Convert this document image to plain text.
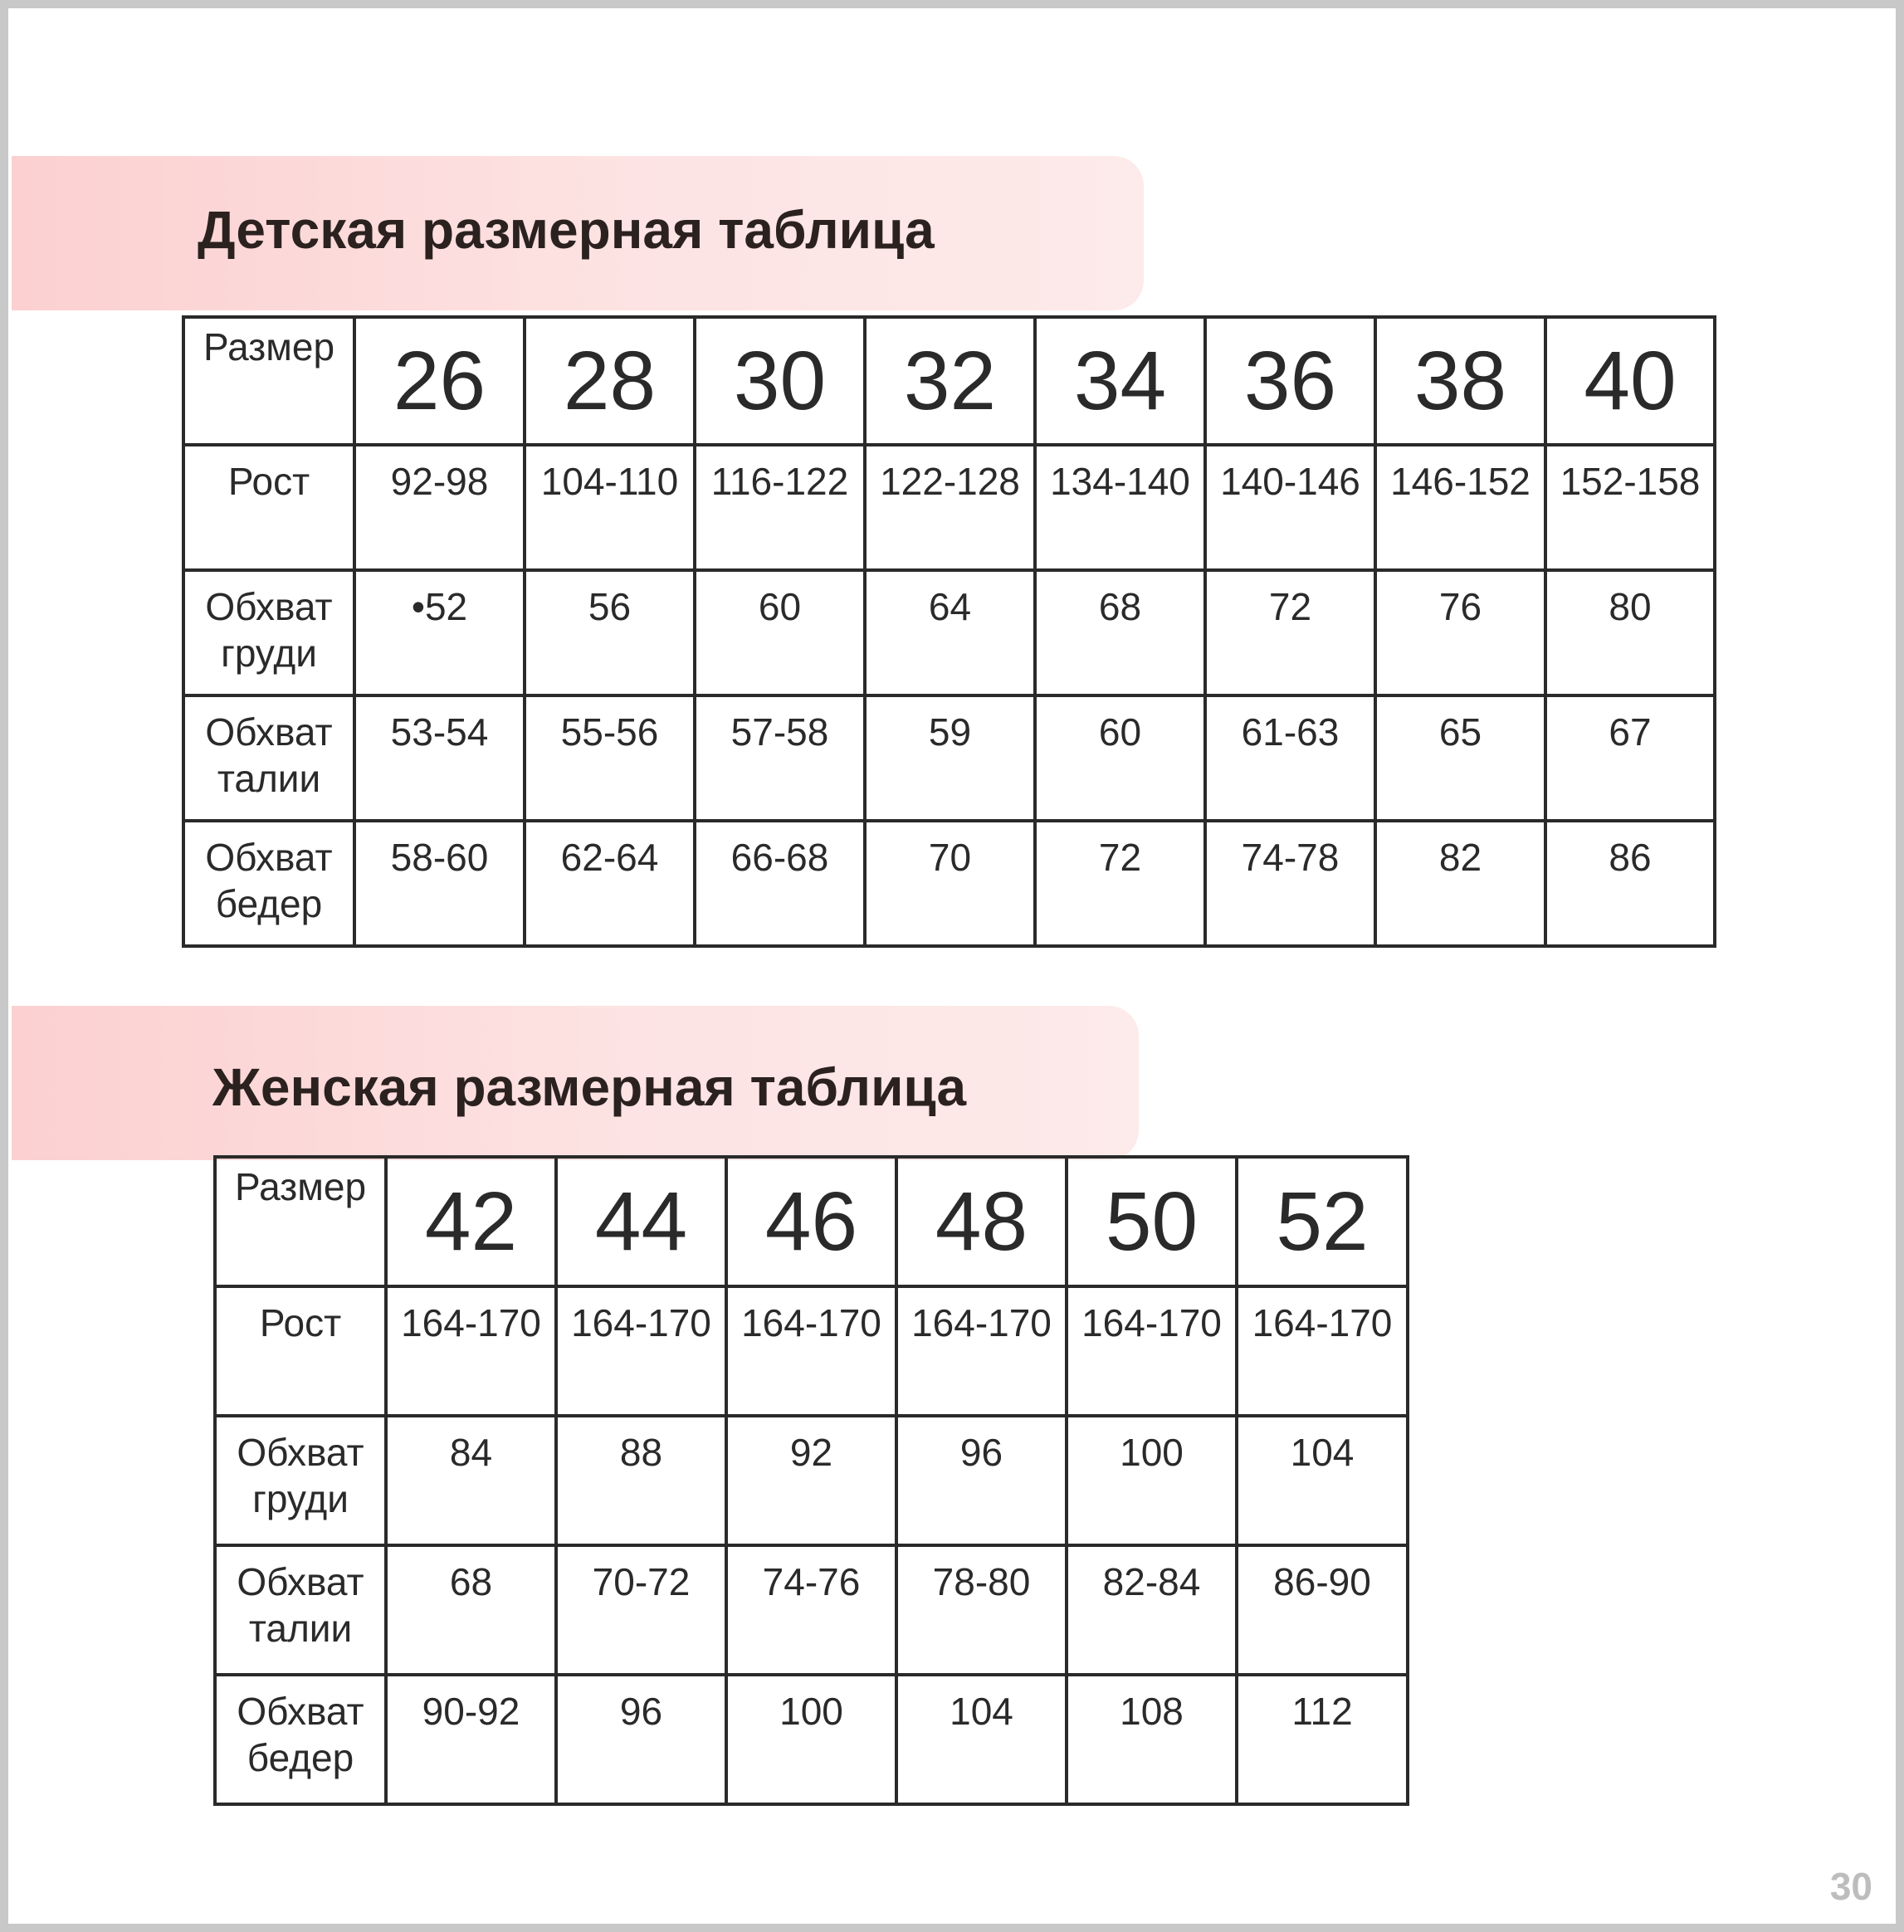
Детская размерная таблица
Размер	26	28	30	32	34	36	38	40
Рост	92-98	104-110	116-122	122-128	134-140	140-146	146-152	152-158
Обхват груди	•52	56	60	64	68	72	76	80
Обхват талии	53-54	55-56	57-58	59	60	61-63	65	67
Обхват бедер	58-60	62-64	66-68	70	72	74-78	82	86
Женская размерная таблица
Размер	42	44	46	48	50	52
Рост	164-170	164-170	164-170	164-170	164-170	164-170
Обхват груди	84	88	92	96	100	104
Обхват талии	68	70-72	74-76	78-80	82-84	86-90
Обхват бедер	90-92	96	100	104	108	112
30
